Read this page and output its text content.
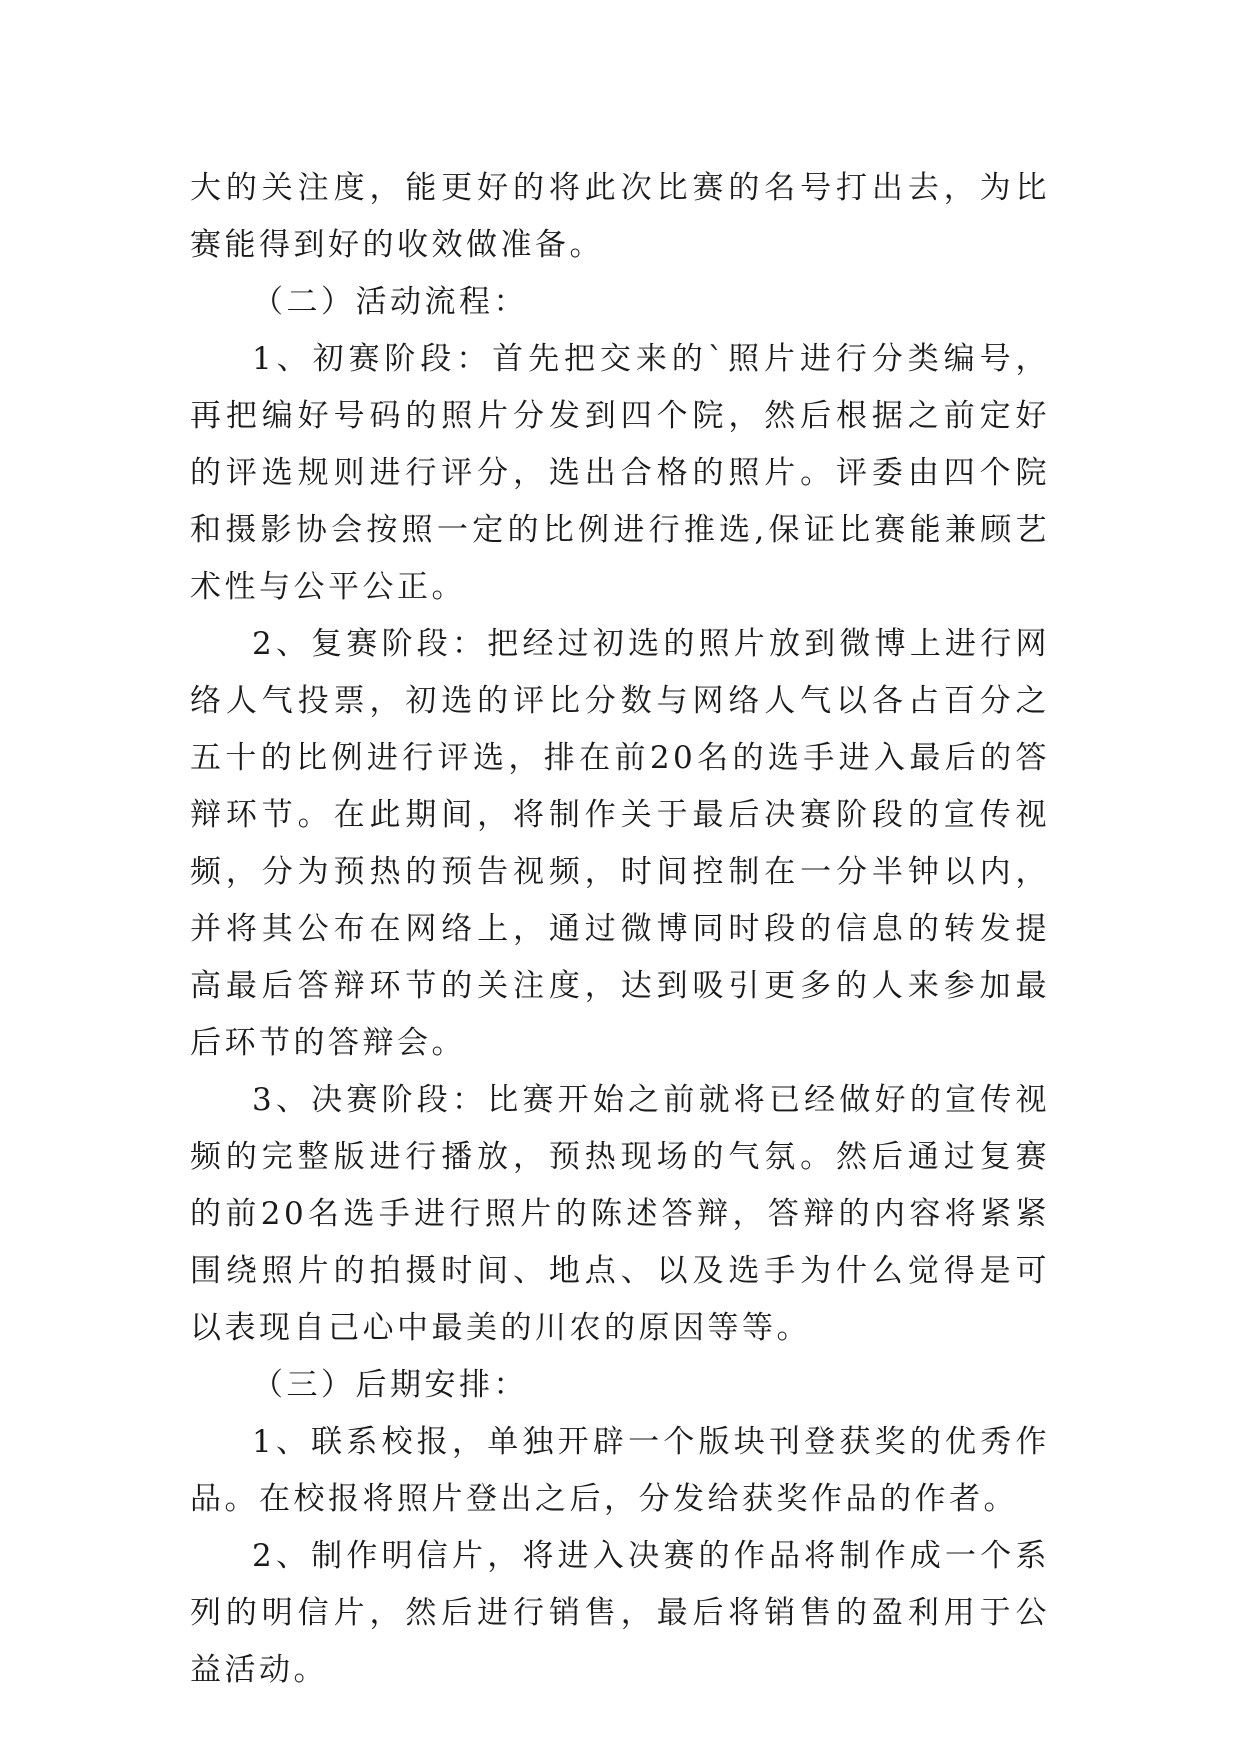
大的关注度，能更好的将此次比赛的名号打出去，为比赛能得到好的收效做准备。

（二）活动流程：

1、初赛阶段：首先把交来的`照片进行分类编号，再把编好号码的照片分发到四个院，然后根据之前定好的评选规则进行评分，选出合格的照片。评委由四个院和摄影协会按照一定的比例进行推选,保证比赛能兼顾艺术性与公平公正。

2、复赛阶段：把经过初选的照片放到微博上进行网络人气投票，初选的评比分数与网络人气以各占百分之五十的比例进行评选，排在前20名的选手进入最后的答辩环节。在此期间，将制作关于最后决赛阶段的宣传视频，分为预热的预告视频，时间控制在一分半钟以内，并将其公布在网络上，通过微博同时段的信息的转发提高最后答辩环节的关注度，达到吸引更多的人来参加最后环节的答辩会。

3、决赛阶段：比赛开始之前就将已经做好的宣传视频的完整版进行播放，预热现场的气氛。然后通过复赛的前20名选手进行照片的陈述答辩，答辩的内容将紧紧围绕照片的拍摄时间、地点、以及选手为什么觉得是可以表现自己心中最美的川农的原因等等。

（三）后期安排：

1、联系校报，单独开辟一个版块刊登获奖的优秀作品。在校报将照片登出之后，分发给获奖作品的作者。

2、制作明信片，将进入决赛的作品将制作成一个系列的明信片，然后进行销售，最后将销售的盈利用于公益活动。
